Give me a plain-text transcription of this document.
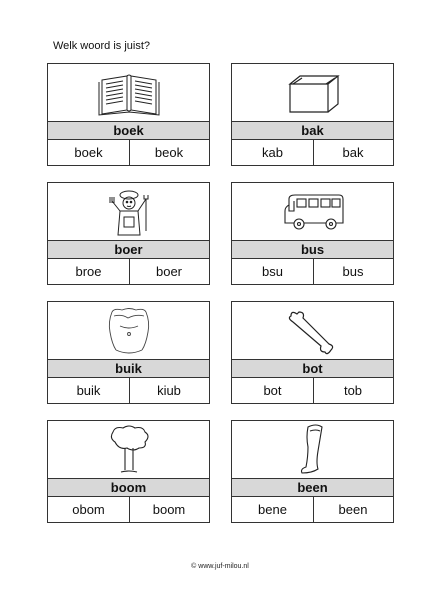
Welk woord is juist?
boek
boek	beok
bak
kab	bak
boer
broe	boer
bus
bsu	bus
buik
buik	kiub
bot
bot	tob
boom
obom	boom
been
bene	been
© www.juf-milou.nl
